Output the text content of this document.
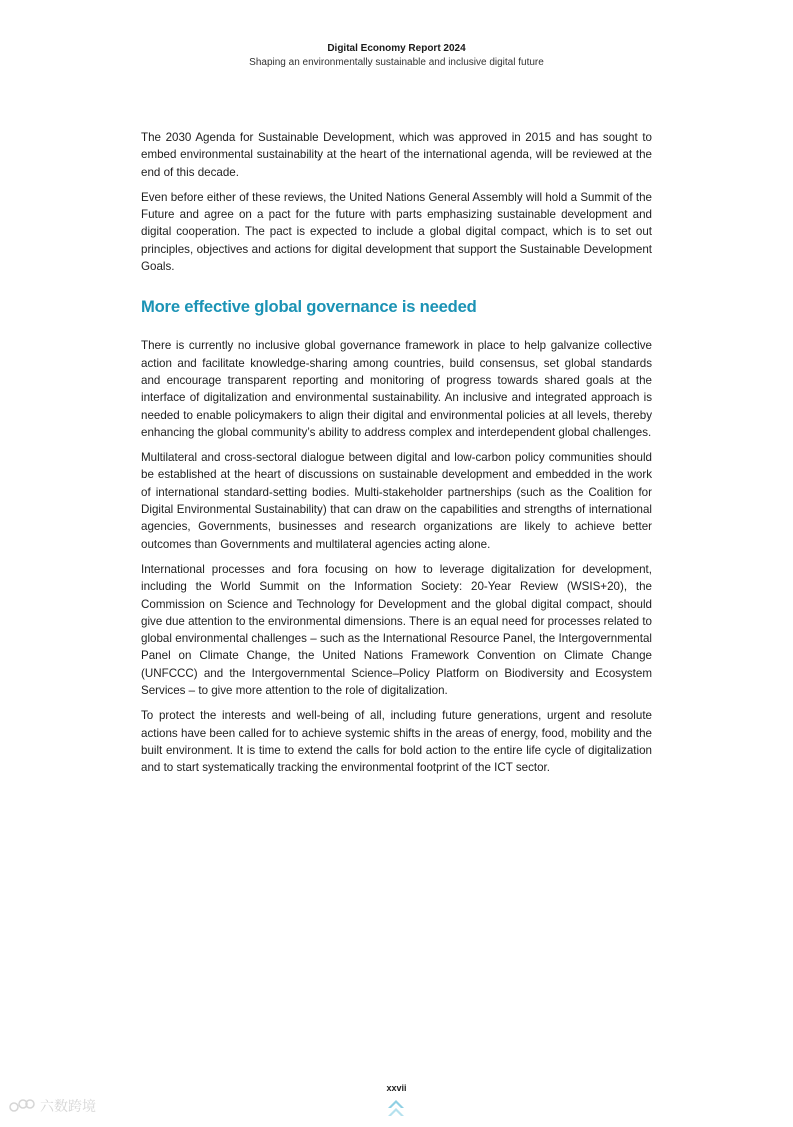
Digital Economy Report 2024
Shaping an environmentally sustainable and inclusive digital future

The 2030 Agenda for Sustainable Development, which was approved in 2015 and has sought to embed environmental sustainability at the heart of the international agenda, will be reviewed at the end of this decade.

Even before either of these reviews, the United Nations General Assembly will hold a Summit of the Future and agree on a pact for the future with parts emphasizing sustainable development and digital cooperation. The pact is expected to include a global digital compact, which is to set out principles, objectives and actions for digital development that support the Sustainable Development Goals.

More effective global governance is needed

There is currently no inclusive global governance framework in place to help galvanize collective action and facilitate knowledge-sharing among countries, build consensus, set global standards and encourage transparent reporting and monitoring of progress towards shared goals at the interface of digitalization and environmental sustainability. An inclusive and integrated approach is needed to enable policymakers to align their digital and environmental policies at all levels, thereby enhancing the global community’s ability to address complex and interdependent global challenges.

Multilateral and cross-sectoral dialogue between digital and low-carbon policy communities should be established at the heart of discussions on sustainable development and embedded in the work of international standard-setting bodies. Multi-stakeholder partnerships (such as the Coalition for Digital Environmental Sustainability) that can draw on the capabilities and strengths of international agencies, Governments, businesses and research organizations are likely to achieve better outcomes than Governments and multilateral agencies acting alone.

International processes and fora focusing on how to leverage digitalization for development, including the World Summit on the Information Society: 20-Year Review (WSIS+20), the Commission on Science and Technology for Development and the global digital compact, should give due attention to the environmental dimensions. There is an equal need for processes related to global environmental challenges – such as the International Resource Panel, the Intergovernmental Panel on Climate Change, the United Nations Framework Convention on Climate Change (UNFCCC) and the Intergovernmental Science–Policy Platform on Biodiversity and Ecosystem Services – to give more attention to the role of digitalization.

To protect the interests and well-being of all, including future generations, urgent and resolute actions have been called for to achieve systemic shifts in the areas of energy, food, mobility and the built environment. It is time to extend the calls for bold action to the entire life cycle of digitalization and to start systematically tracking the environmental footprint of the ICT sector.

xxvii
六数跨境
